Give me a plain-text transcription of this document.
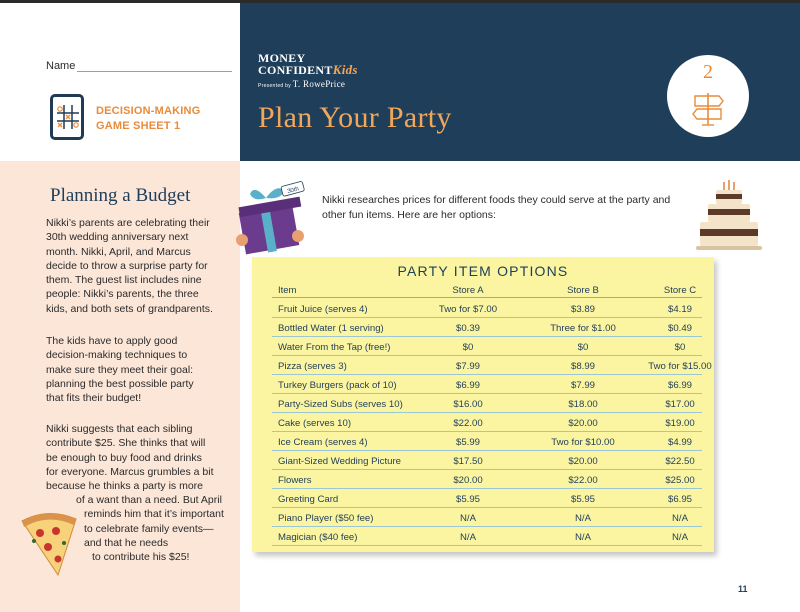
Name
DECISION-MAKING
GAME SHEET 1
MONEY
CONFIDENTKids
Presented by T. RowePrice
Plan Your Party
2
Planning a Budget
Nikki’s parents are celebrating their
30th wedding anniversary next
month. Nikki, April, and Marcus
decide to throw a surprise party for
them. The guest list includes nine
people: Nikki’s parents, the three
kids, and both sets of grandparents.
The kids have to apply good
decision-making techniques to
make sure they meet their goal:
planning the best possible party
that fits their budget!
Nikki suggests that each sibling
contribute $25. She thinks that will
be enough to buy food and drinks
for everyone. Marcus grumbles a bit
because he thinks a party is more
of a want than a need. But April
reminds him that it’s important
to celebrate family events—
and that he needs
to contribute his $25!
30th
Nikki researches prices for different foods they could serve at the party and
other fun items. Here are her options:
PARTY ITEM OPTIONS
Item	Store A	Store B	Store C
Fruit Juice (serves 4)	Two for $7.00	$3.89	$4.19
Bottled Water (1 serving)	$0.39	Three for $1.00	$0.49
Water From the Tap (free!)	$0	$0	$0
Pizza (serves 3)	$7.99	$8.99	Two for $15.00
Turkey Burgers (pack of 10)	$6.99	$7.99	$6.99
Party-Sized Subs (serves 10)	$16.00	$18.00	$17.00
Cake (serves 10)	$22.00	$20.00	$19.00
Ice Cream (serves 4)	$5.99	Two for $10.00	$4.99
Giant-Sized Wedding Picture	$17.50	$20.00	$22.50
Flowers	$20.00	$22.00	$25.00
Greeting Card	$5.95	$5.95	$6.95
Piano Player ($50 fee)	N/A	N/A	N/A
Magician ($40 fee)	N/A	N/A	N/A
11
